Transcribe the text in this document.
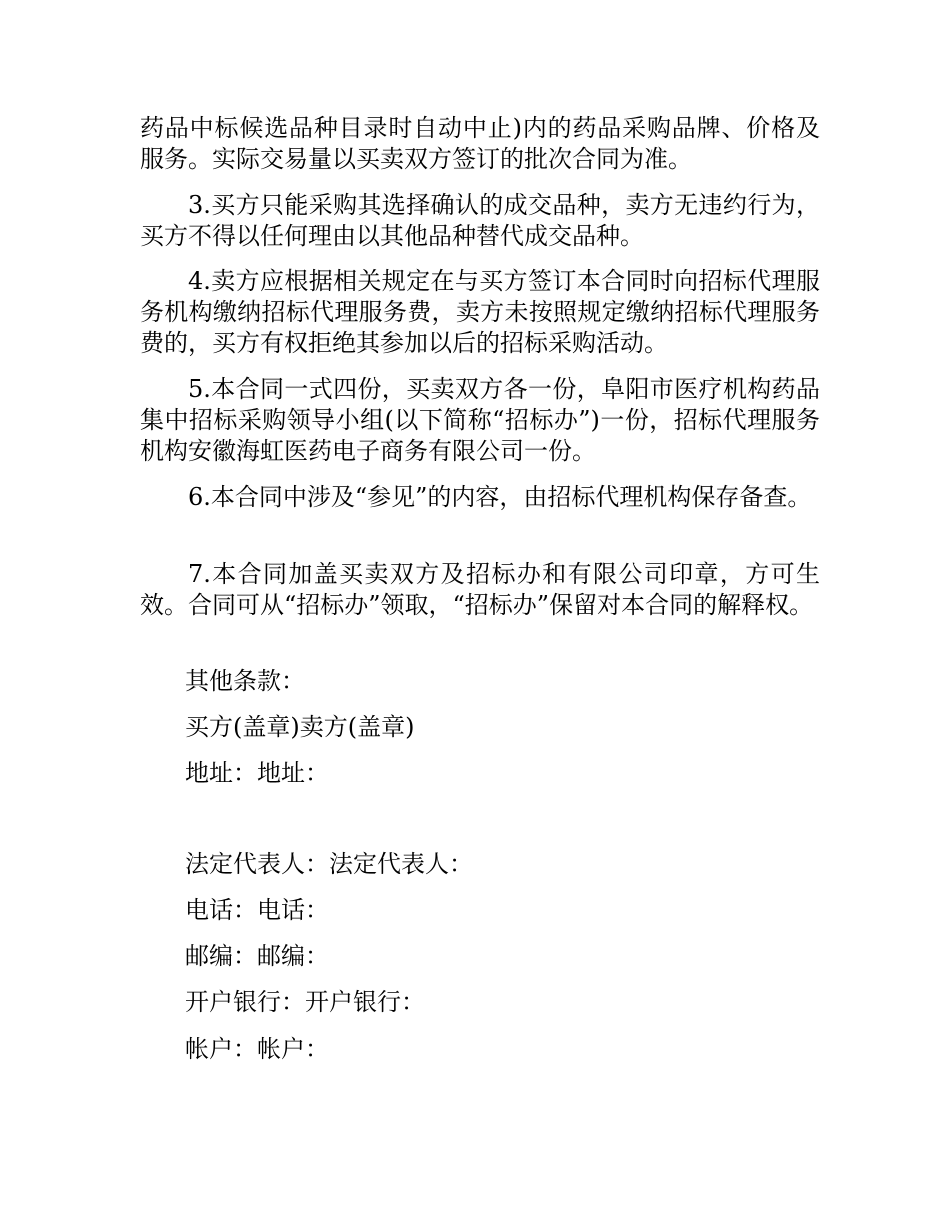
药品中标候选品种目录时自动中止)内的药品采购品牌、价格及服务。实际交易量以买卖双方签订的批次合同为准。

3.买方只能采购其选择确认的成交品种，卖方无违约行为，买方不得以任何理由以其他品种替代成交品种。

4.卖方应根据相关规定在与买方签订本合同时向招标代理服务机构缴纳招标代理服务费，卖方未按照规定缴纳招标代理服务费的，买方有权拒绝其参加以后的招标采购活动。

5.本合同一式四份，买卖双方各一份，阜阳市医疗机构药品集中招标采购领导小组(以下简称“招标办”)一份，招标代理服务机构安徽海虹医药电子商务有限公司一份。

6.本合同中涉及“参见”的内容，由招标代理机构保存备查。

7.本合同加盖买卖双方及招标办和有限公司印章，方可生效。合同可从“招标办”领取，“招标办”保留对本合同的解释权。

其他条款：

买方(盖章)卖方(盖章)

地址：地址：

法定代表人：法定代表人：

电话：电话：

邮编：邮编：

开户银行：开户银行：

帐户：帐户：
